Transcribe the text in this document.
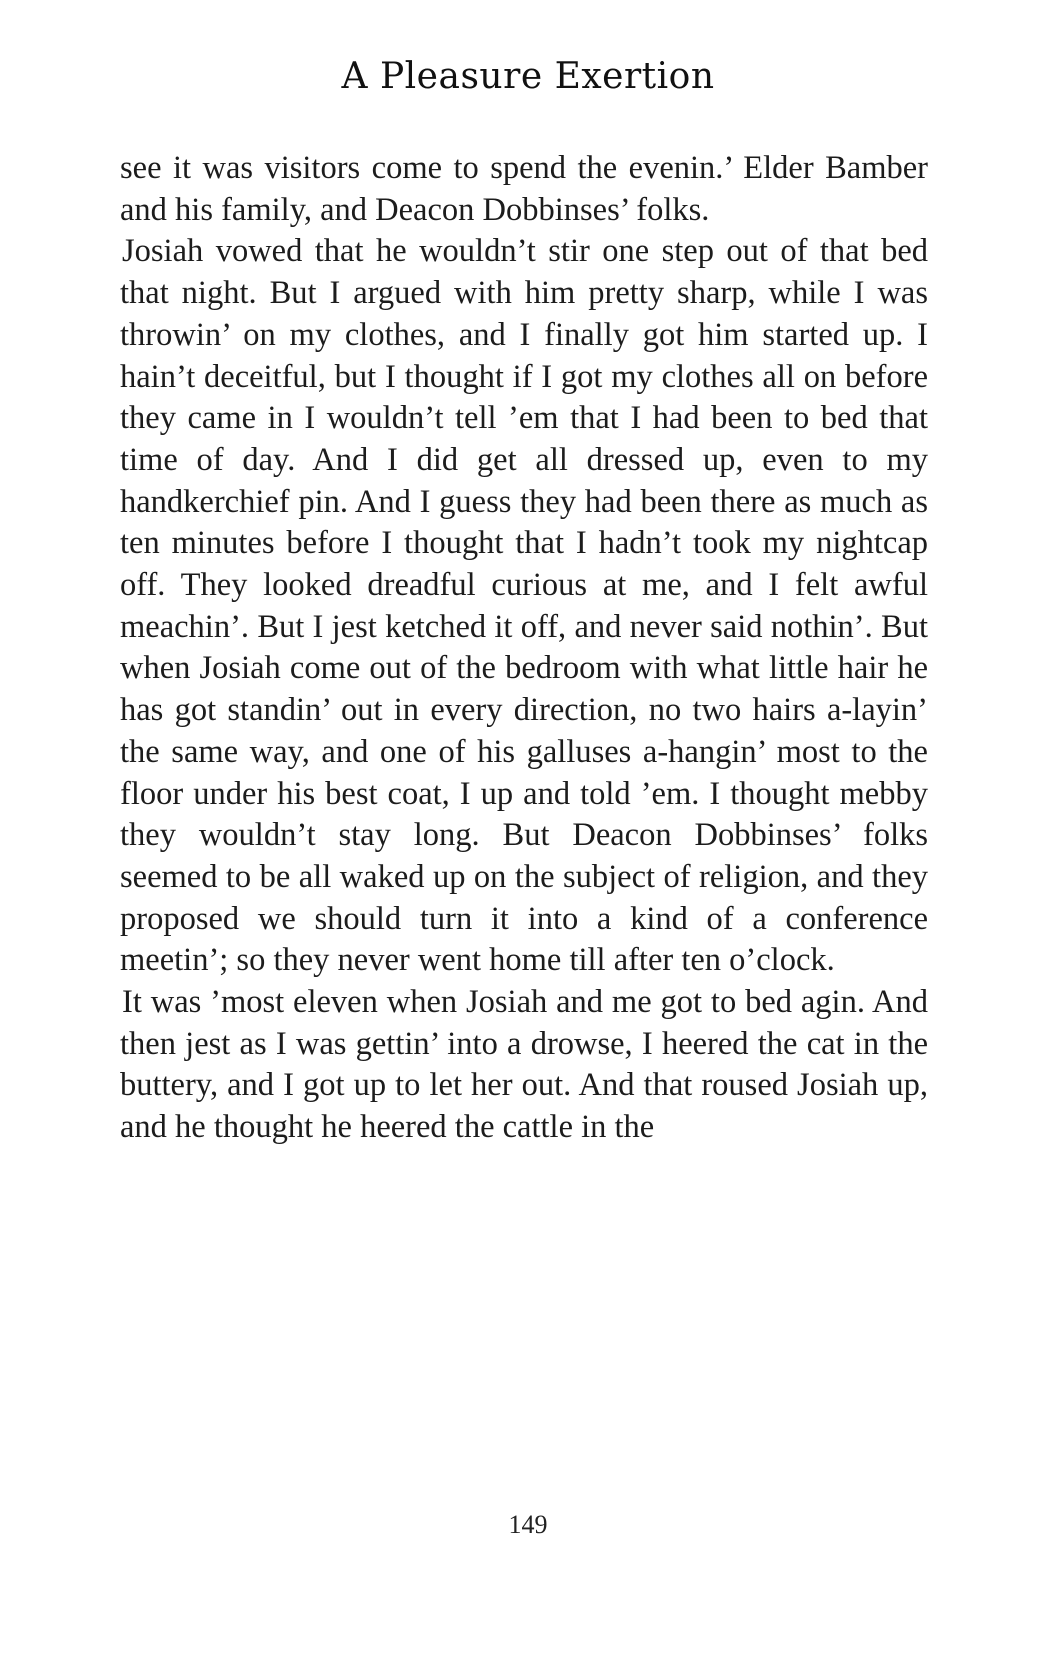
A Pleasure Exertion

see it was visitors come to spend the evenin.’ Elder Bamber and his family, and Deacon Dobbinses’ folks.

Josiah vowed that he wouldn’t stir one step out of that bed that night. But I argued with him pretty sharp, while I was throwin’ on my clothes, and I finally got him started up. I hain’t deceitful, but I thought if I got my clothes all on before they came in I wouldn’t tell ’em that I had been to bed that time of day. And I did get all dressed up, even to my handkerchief pin. And I guess they had been there as much as ten minutes before I thought that I hadn’t took my nightcap off. They looked dreadful curious at me, and I felt awful meachin’. But I jest ketched it off, and never said nothin’. But when Josiah come out of the bedroom with what little hair he has got standin’ out in every direction, no two hairs a-layin’ the same way, and one of his galluses a-hangin’ most to the floor under his best coat, I up and told ’em. I thought mebby they wouldn’t stay long. But Deacon Dobbinses’ folks seemed to be all waked up on the subject of religion, and they proposed we should turn it into a kind of a conference meetin’; so they never went home till after ten o’clock.

It was ’most eleven when Josiah and me got to bed agin. And then jest as I was gettin’ into a drowse, I heered the cat in the buttery, and I got up to let her out. And that roused Josiah up, and he thought he heered the cattle in the

149
